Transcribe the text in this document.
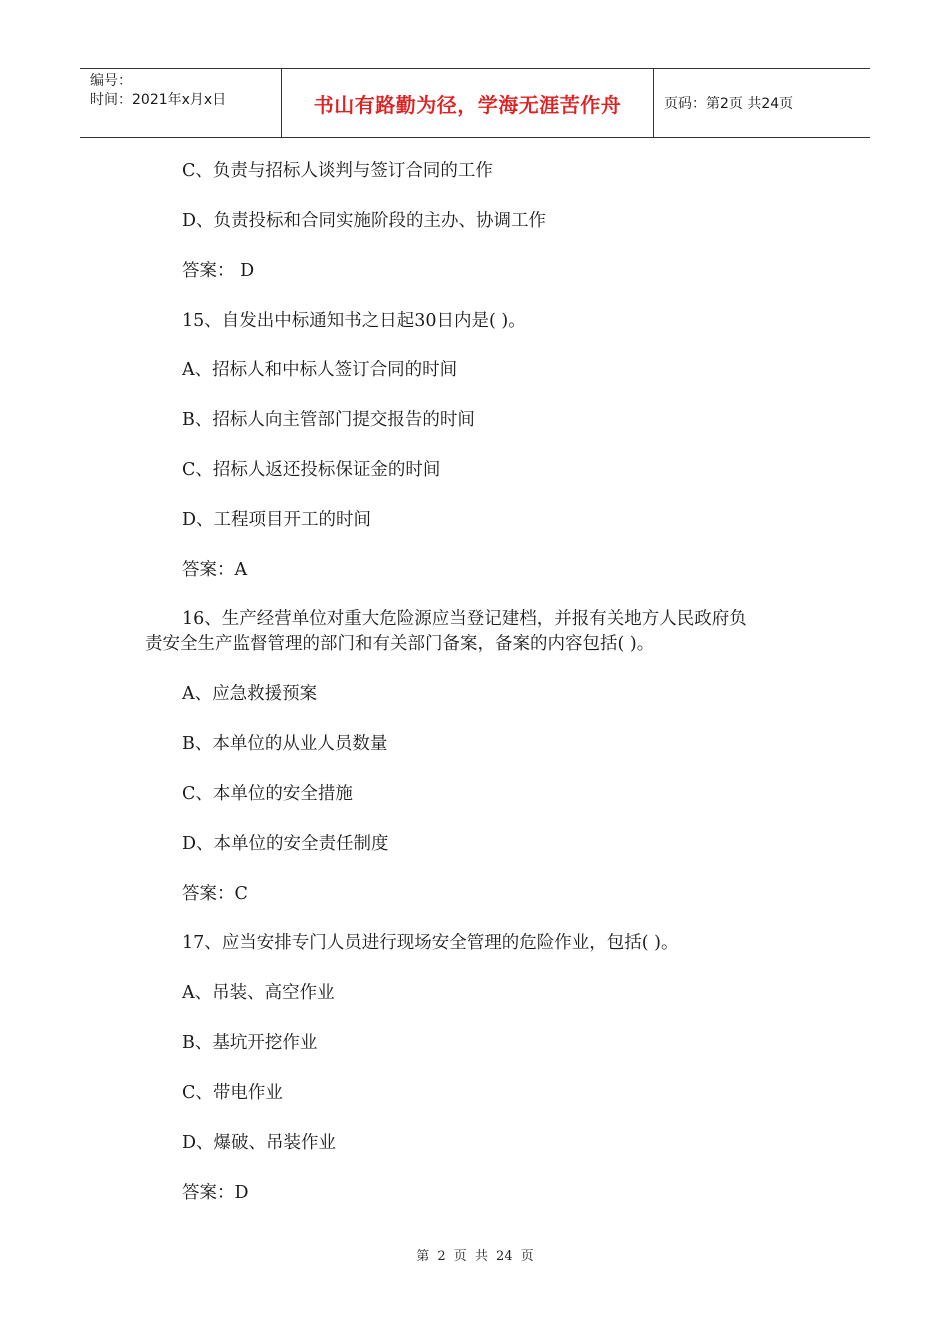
编号：
时间：2021年x月x日	书山有路勤为径，学海无涯苦作舟	页码：第2页 共24页
C、负责与招标人谈判与签订合同的工作
D、负责投标和合同实施阶段的主办、协调工作
答案： D
15、自发出中标通知书之日起30日内是( )。
A、招标人和中标人签订合同的时间
B、招标人向主管部门提交报告的时间
C、招标人返还投标保证金的时间
D、工程项目开工的时间
答案：A
16、生产经营单位对重大危险源应当登记建档，并报有关地方人民政府负
责安全生产监督管理的部门和有关部门备案，备案的内容包括( )。
A、应急救援预案
B、本单位的从业人员数量
C、本单位的安全措施
D、本单位的安全责任制度
答案：C
17、应当安排专门人员进行现场安全管理的危险作业，包括( )。
A、吊装、高空作业
B、基坑开挖作业
C、带电作业
D、爆破、吊装作业
答案：D
第 2 页 共 24 页
